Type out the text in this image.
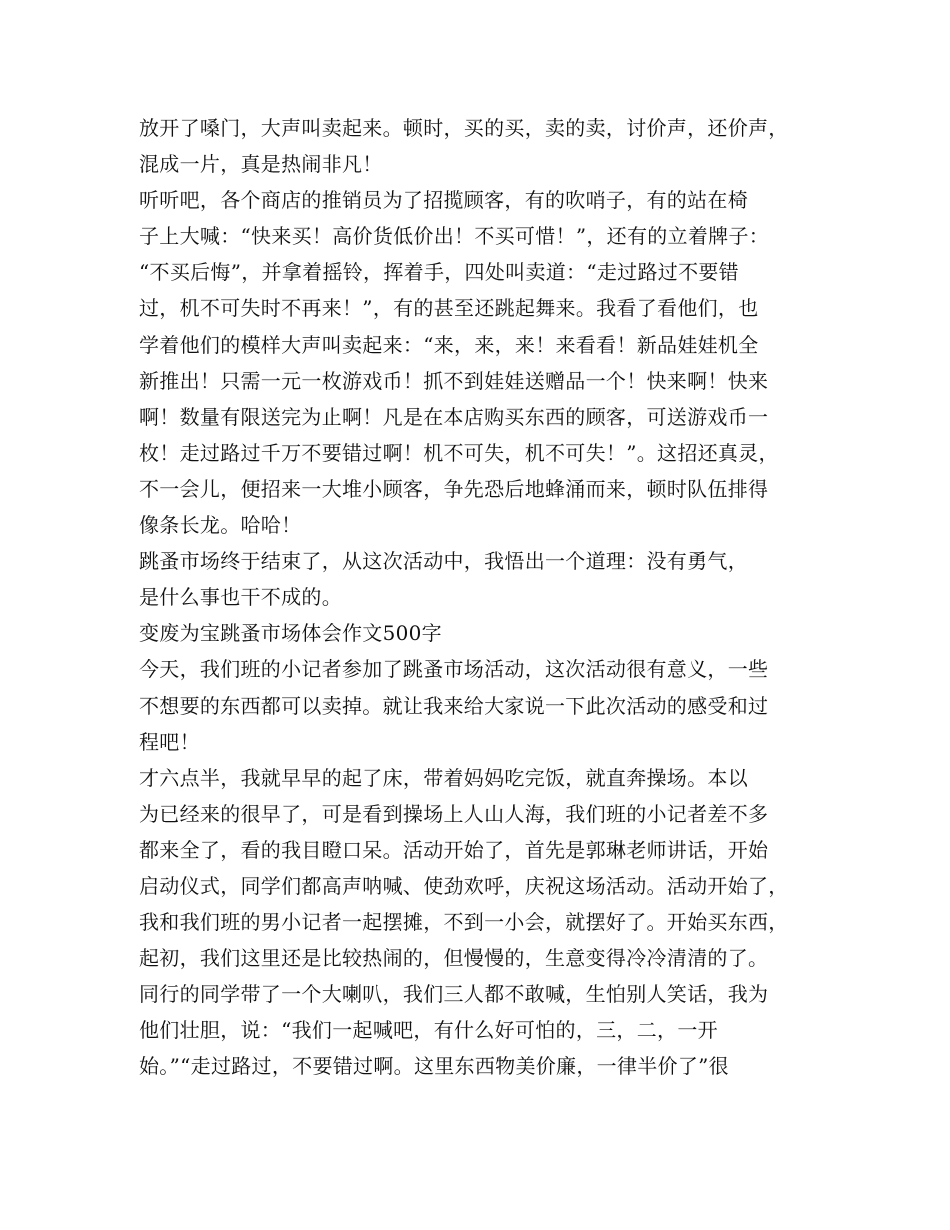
放开了嗓门，大声叫卖起来。顿时，买的买，卖的卖，讨价声，还价声，
混成一片，真是热闹非凡！
听听吧，各个商店的推销员为了招揽顾客，有的吹哨子，有的站在椅
子上大喊：“快来买！高价货低价出！不买可惜！”，还有的立着牌子：
“不买后悔”，并拿着摇铃，挥着手，四处叫卖道：“走过路过不要错
过，机不可失时不再来！”，有的甚至还跳起舞来。我看了看他们，也
学着他们的模样大声叫卖起来：“来，来，来！来看看！新品娃娃机全
新推出！只需一元一枚游戏币！抓不到娃娃送赠品一个！快来啊！快来
啊！数量有限送完为止啊！凡是在本店购买东西的顾客，可送游戏币一
枚！走过路过千万不要错过啊！机不可失，机不可失！”。这招还真灵，
不一会儿，便招来一大堆小顾客，争先恐后地蜂涌而来，顿时队伍排得
像条长龙。哈哈！
跳蚤市场终于结束了，从这次活动中，我悟出一个道理：没有勇气，
是什么事也干不成的。
变废为宝跳蚤市场体会作文500字
今天，我们班的小记者参加了跳蚤市场活动，这次活动很有意义，一些
不想要的东西都可以卖掉。就让我来给大家说一下此次活动的感受和过
程吧！
才六点半，我就早早的起了床，带着妈妈吃完饭，就直奔操场。本以
为已经来的很早了，可是看到操场上人山人海，我们班的小记者差不多
都来全了，看的我目瞪口呆。活动开始了，首先是郭琳老师讲话，开始
启动仪式，同学们都高声呐喊、使劲欢呼，庆祝这场活动。活动开始了，
我和我们班的男小记者一起摆摊，不到一小会，就摆好了。开始买东西，
起初，我们这里还是比较热闹的，但慢慢的，生意变得冷冷清清的了。
同行的同学带了一个大喇叭，我们三人都不敢喊，生怕别人笑话，我为
他们壮胆，说：“我们一起喊吧，有什么好可怕的，三，二，一开
始。”“走过路过，不要错过啊。这里东西物美价廉，一律半价了”很
